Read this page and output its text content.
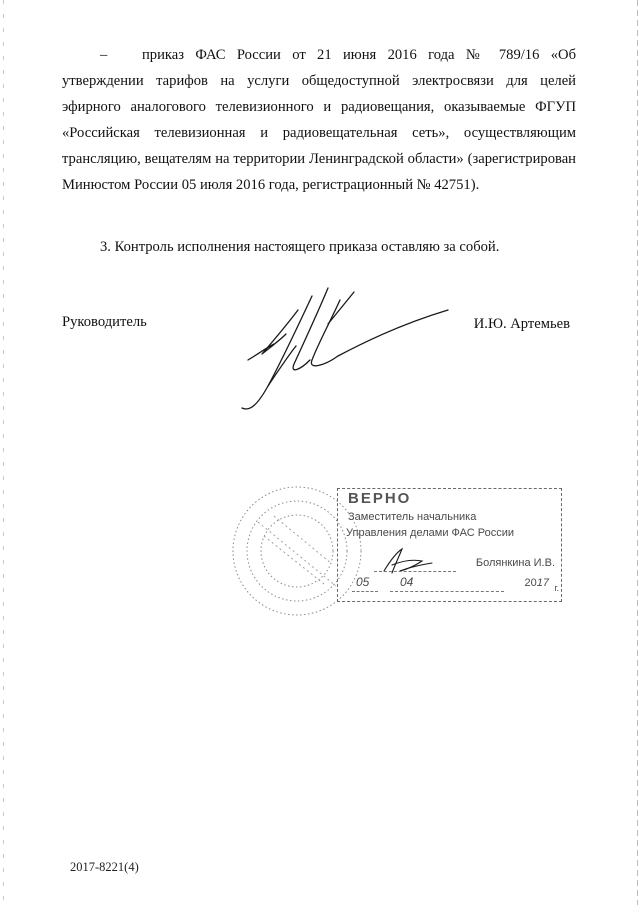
– приказ ФАС России от 21 июня 2016 года № 789/16 «Об утверждении тарифов на услуги общедоступной электросвязи для целей эфирного аналогового телевизионного и радиовещания, оказываемые ФГУП «Российская телевизионная и радиовещательная сеть», осуществляющим трансляцию, вещателям на территории Ленинградской области» (зарегистрирован Минюстом России 05 июля 2016 года, регистрационный № 42751).

3. Контроль исполнения настоящего приказа оставляю за собой.

Руководитель	И.Ю. Артемьев
ВЕРНО
Заместитель начальника
Управления делами ФАС России
Болянкина И.В.
05	04	2017 г.
2017-8221(4)
